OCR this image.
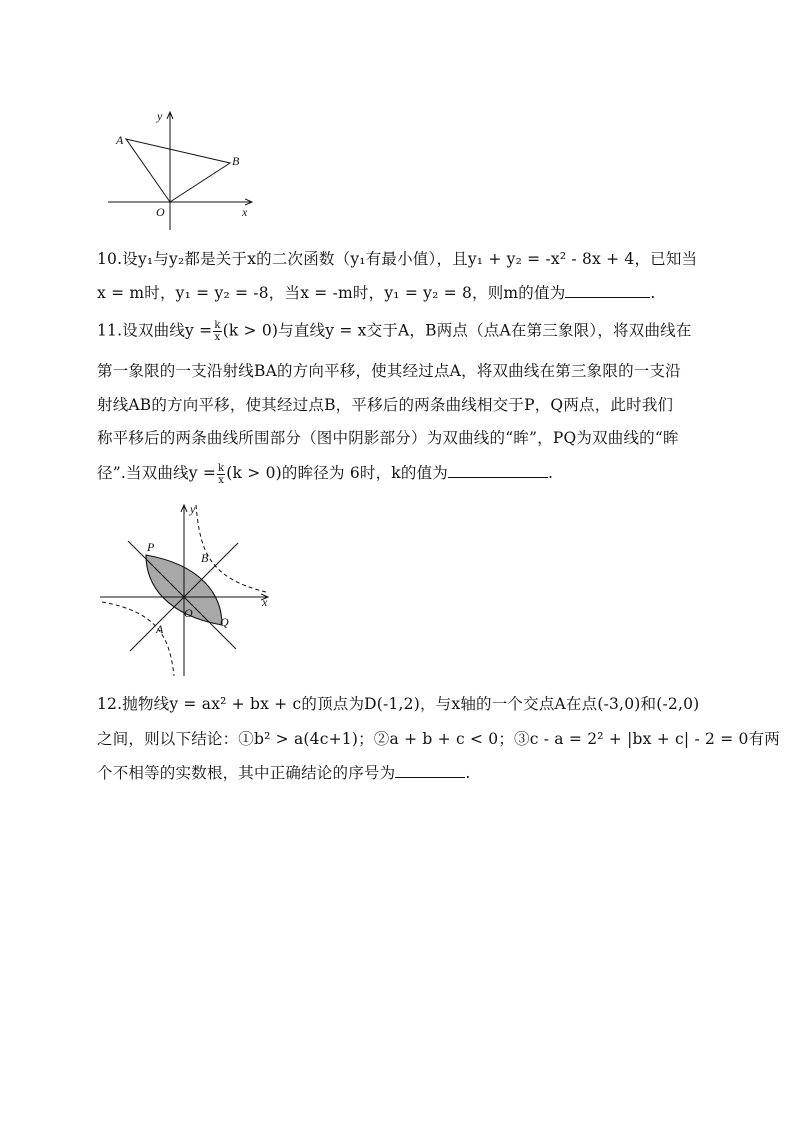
A
B
O	x
y
10.设y₁与y₂都是关于x的二次函数（y₁有最小值），且y₁ + y₂ = -x² - 8x + 4，已知当
x = m时，y₁ = y₂ = -8，当x = -m时，y₁ = y₂ = 8，则m的值为	.
11.设双曲线$y = \frac{k}{x} (k > 0)$与直线y = x交于A，B两点（点A在第三象限），将双曲线在
第一象限的一支沿射线BA的方向平移，使其经过点A，将双曲线在第三象限的一支沿
射线AB的方向平移，使其经过点B，平移后的两条曲线相交于P，Q两点，此时我们
称平移后的两条曲线所围部分（图中阴影部分）为双曲线的“眸”，PQ为双曲线的“眸
径”.当双曲线$y = \frac{k}{x} (k > 0)$的眸径为 6时，k的值为	.
P
B
A
O
Q
x
y
12.抛物线y = ax² + bx + c的顶点为D(-1,2)，与x轴的一个交点A在点(-3,0)和(-2,0)
之间，则以下结论：①b² > a(4c+1)；②a + b + c < 0；③c - a = 2² + |bx + c| - 2 = 0有两
个不相等的实数根，其中正确结论的序号为	.
